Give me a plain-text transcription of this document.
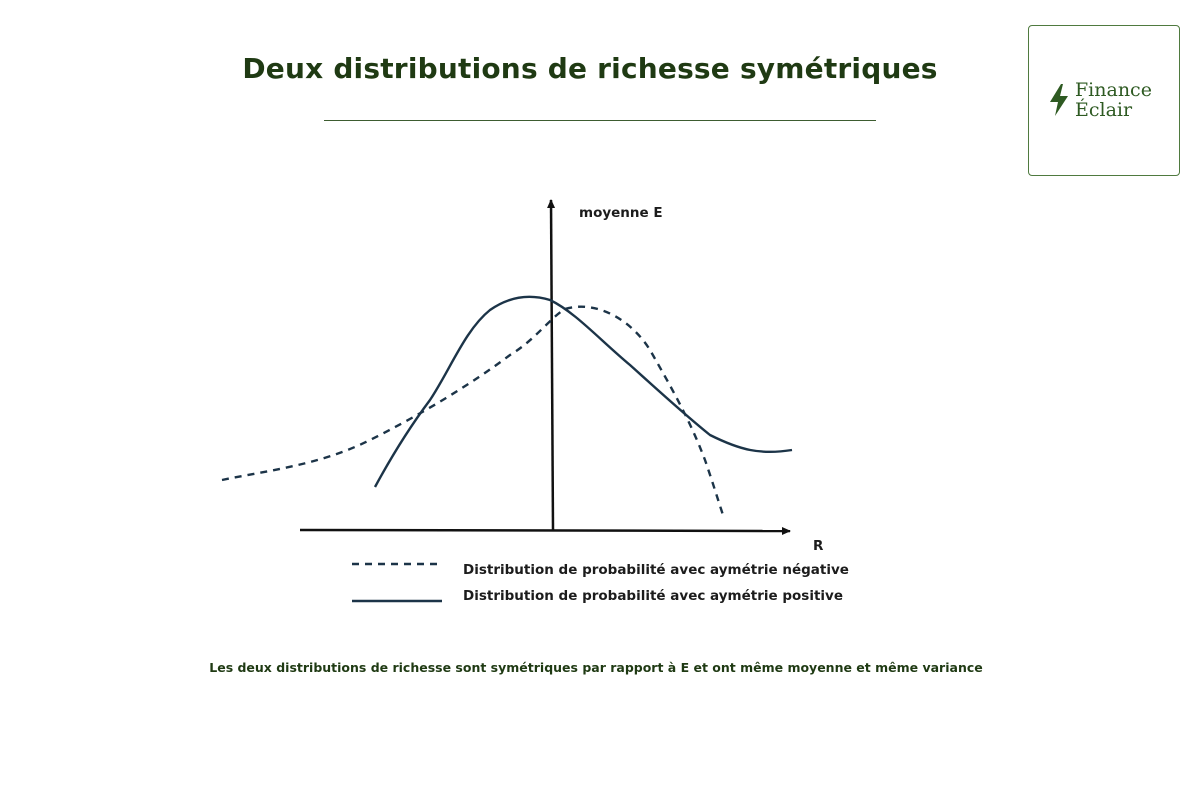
Deux distributions de richesse symétriques
Finance
Éclair
moyenne E
R
Distribution de probabilité avec aymétrie négative
Distribution de probabilité avec aymétrie positive
Les deux distributions de richesse sont symétriques par rapport à E et ont même moyenne et même variance
